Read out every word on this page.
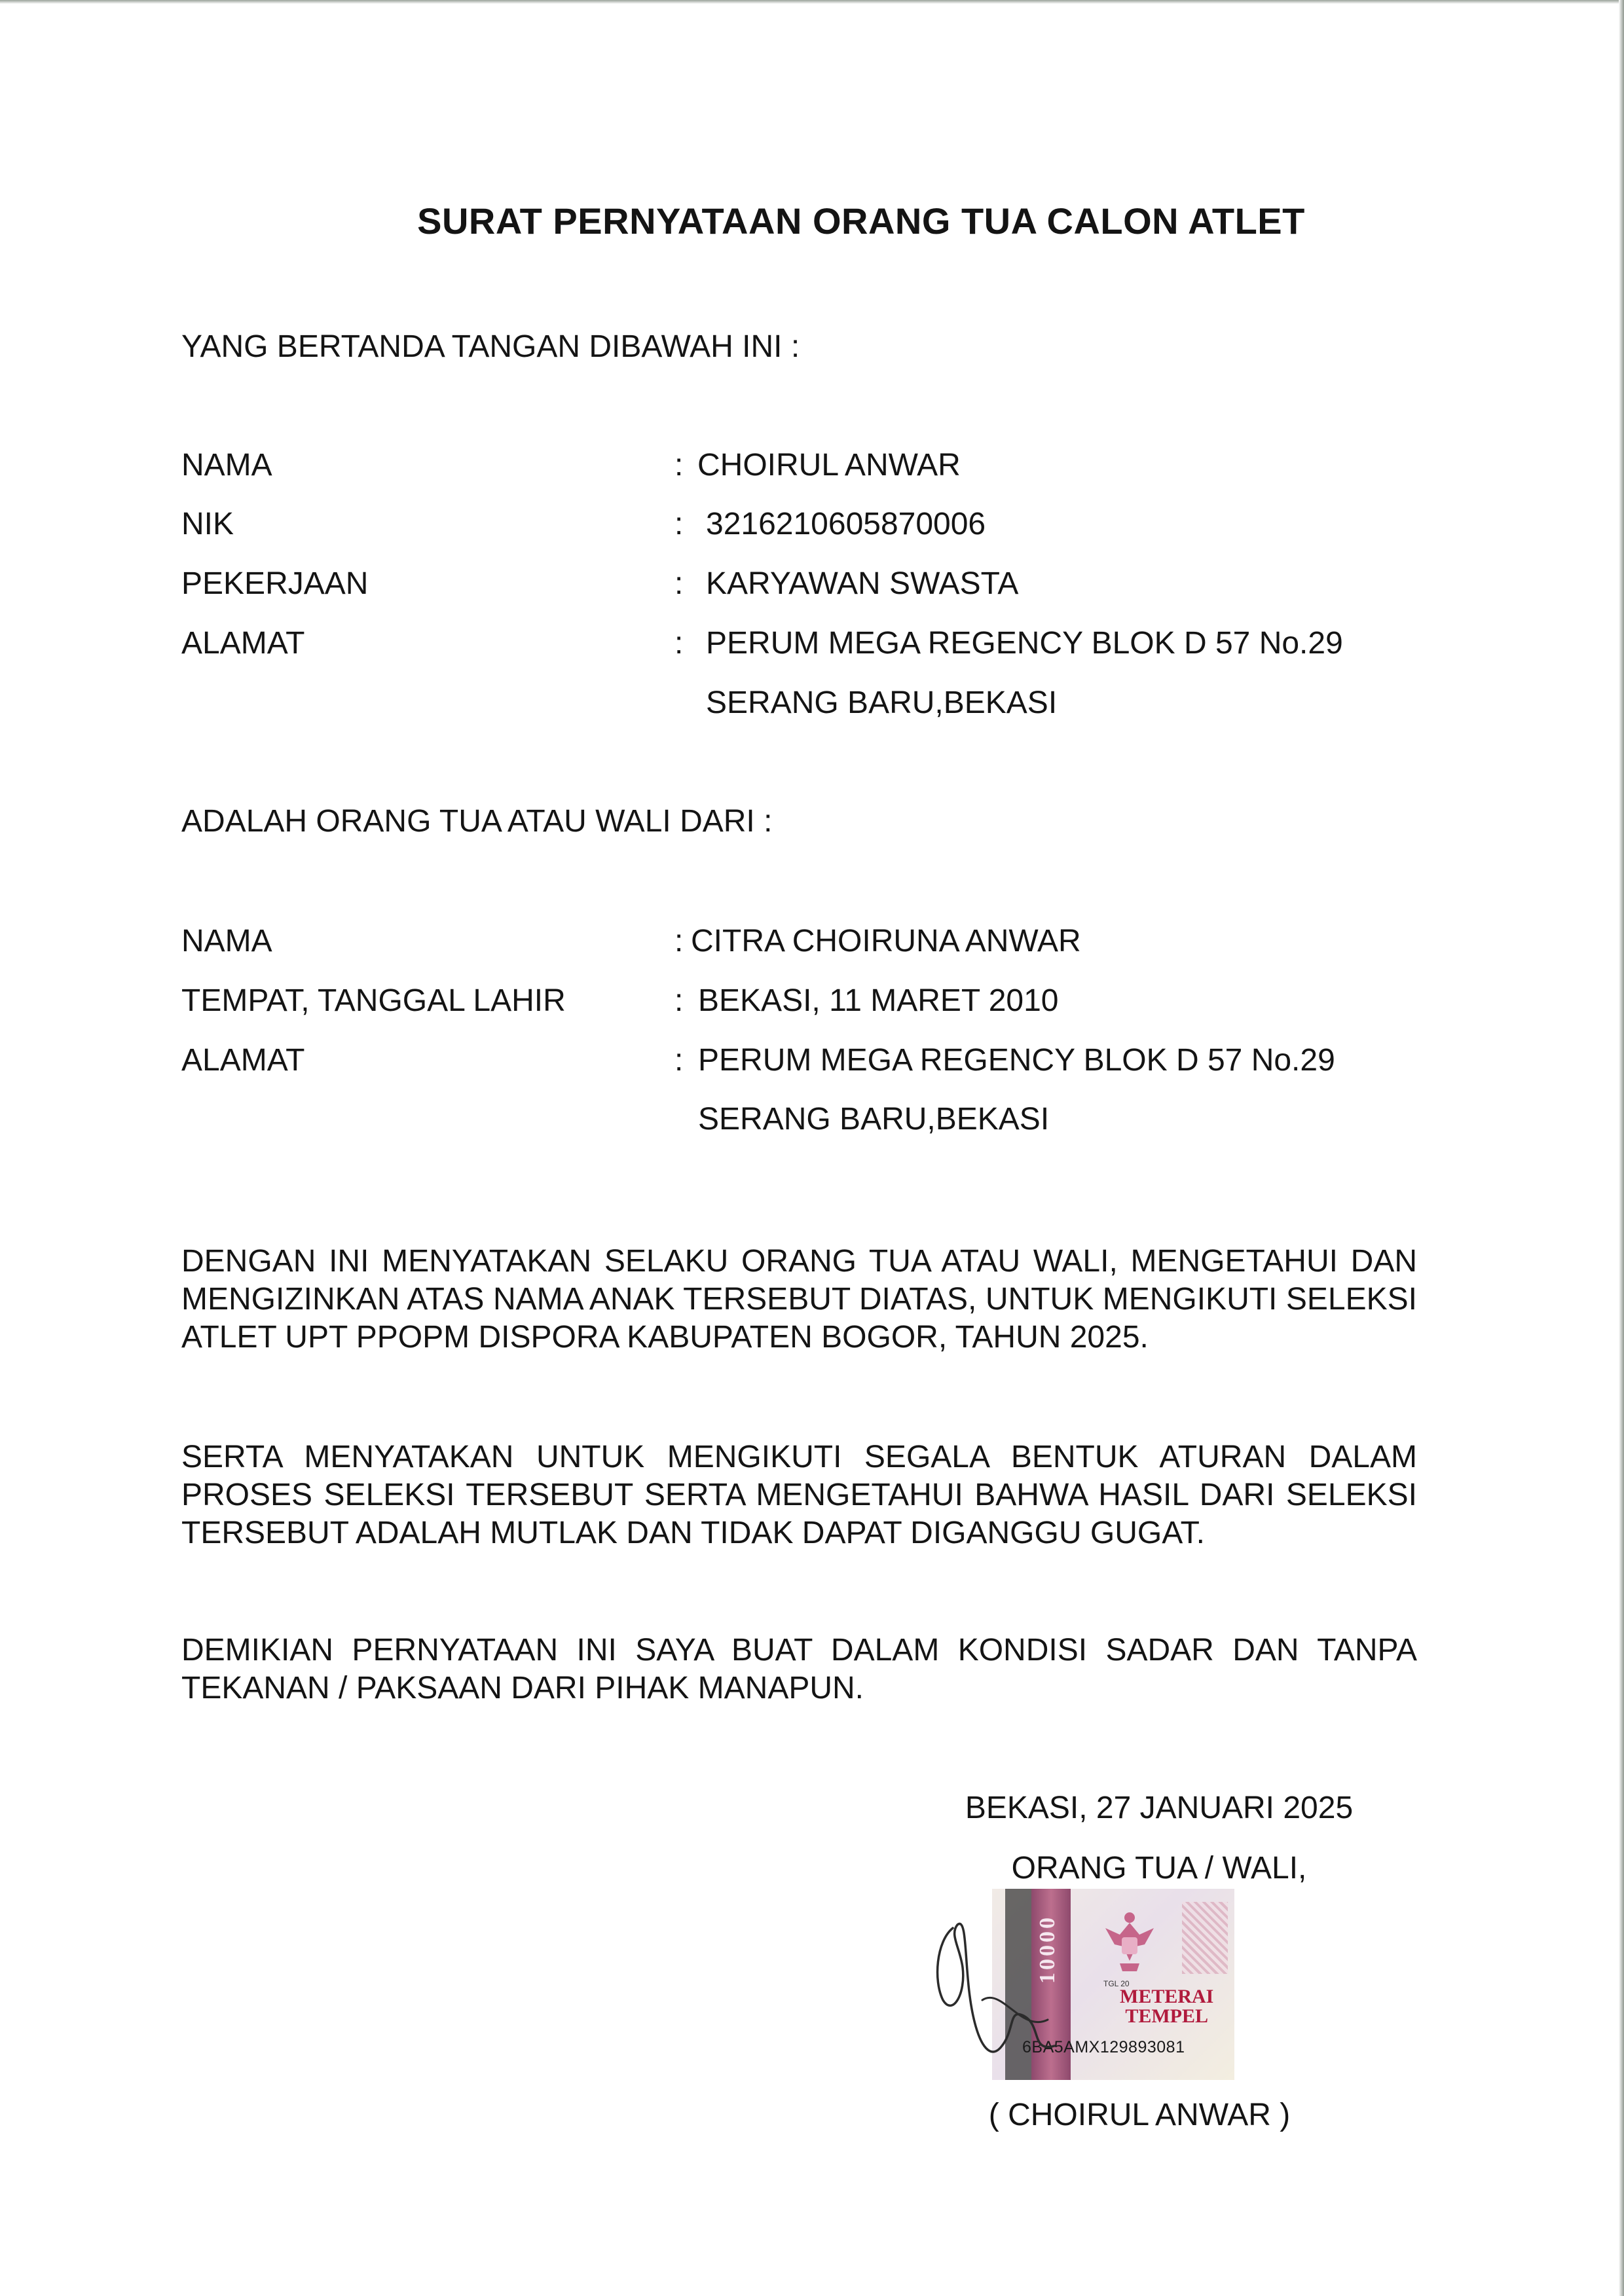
SURAT PERNYATAAN ORANG TUA CALON ATLET
YANG BERTANDA TANGAN DIBAWAH INI :
NAMA	: CHOIRUL ANWAR
NIK	: 3216210605870006
PEKERJAAN	: KARYAWAN SWASTA
ALAMAT	: PERUM MEGA REGENCY BLOK D 57 No.29
SERANG BARU,BEKASI
ADALAH ORANG TUA ATAU WALI DARI :
NAMA	: CITRA CHOIRUNA ANWAR
TEMPAT, TANGGAL LAHIR	: BEKASI, 11 MARET 2010
ALAMAT	: PERUM MEGA REGENCY BLOK D 57 No.29
SERANG BARU,BEKASI
DENGAN INI MENYATAKAN SELAKU ORANG TUA ATAU WALI, MENGETAHUI DAN MENGIZINKAN ATAS NAMA ANAK TERSEBUT DIATAS, UNTUK MENGIKUTI SELEKSI ATLET UPT PPOPM DISPORA KABUPATEN BOGOR, TAHUN 2025.
SERTA MENYATAKAN UNTUK MENGIKUTI SEGALA BENTUK ATURAN DALAM PROSES SELEKSI TERSEBUT SERTA MENGETAHUI BAHWA HASIL DARI SELEKSI TERSEBUT ADALAH MUTLAK DAN TIDAK DAPAT DIGANGGU GUGAT.
DEMIKIAN PERNYATAAN INI SAYA BUAT DALAM KONDISI SADAR DAN TANPA TEKANAN / PAKSAAN DARI PIHAK MANAPUN.
BEKASI, 27 JANUARI 2025
ORANG TUA / WALI,
10000	TGL 20
METERAI
TEMPEL
6BA5AMX129893081
( CHOIRUL ANWAR )
